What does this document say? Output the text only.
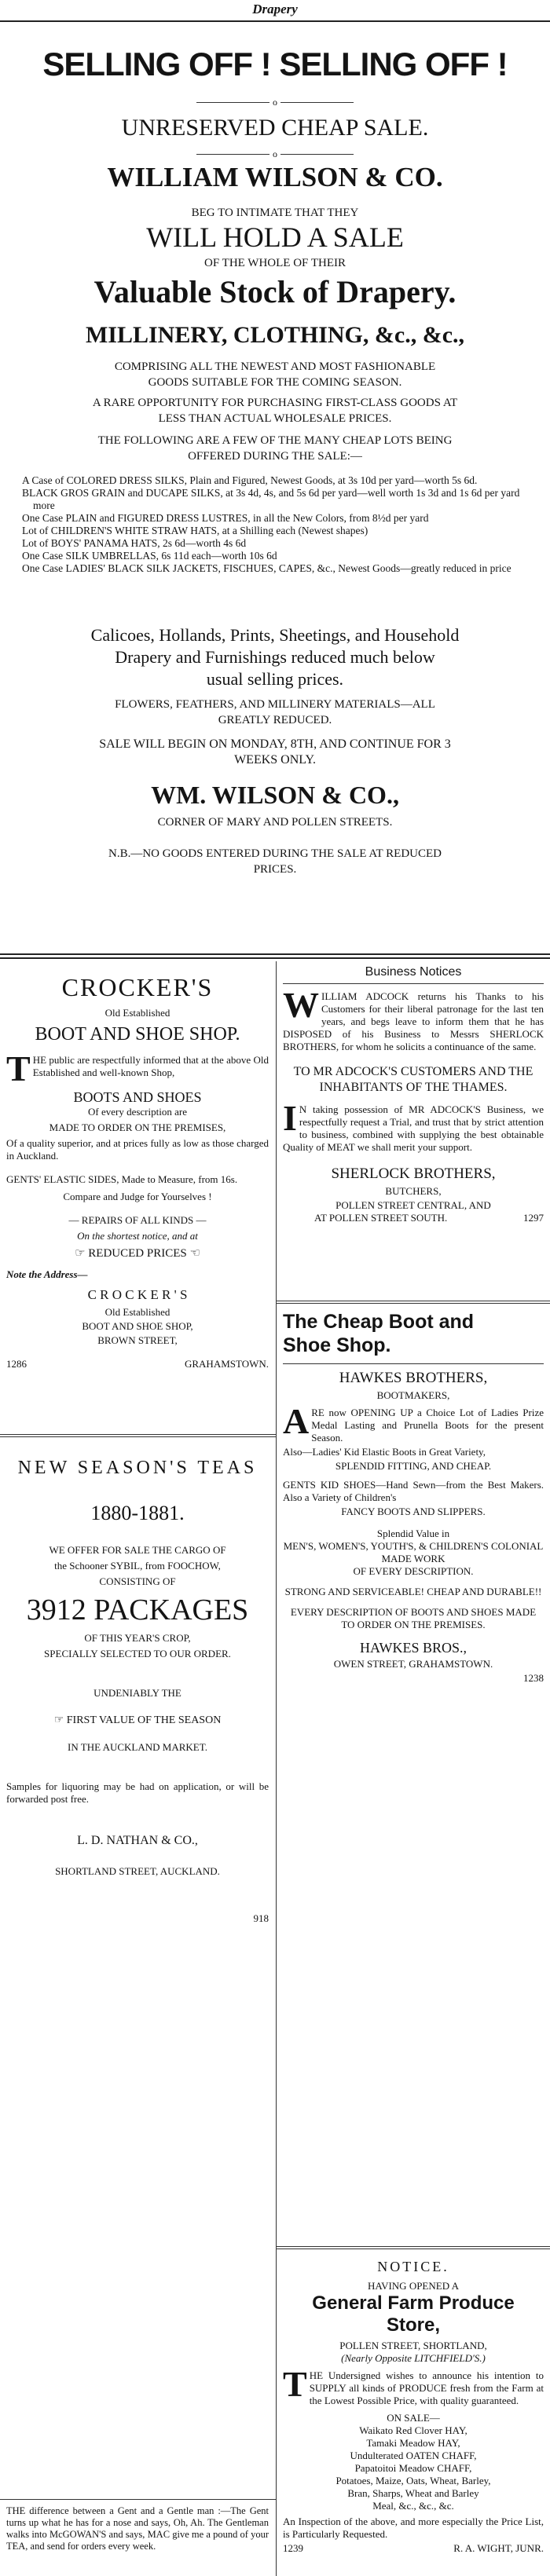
Drapery
SELLING OFF ! SELLING OFF !
o
UNRESERVED CHEAP SALE.
o
WILLIAM WILSON & CO.
BEG TO INTIMATE THAT THEY
WILL HOLD A SALE
OF THE WHOLE OF THEIR
Valuable Stock of Drapery.
MILLINERY, CLOTHING, &c., &c.,
COMPRISING ALL THE NEWEST AND MOST FASHIONABLE
GOODS SUITABLE FOR THE COMING SEASON.
A RARE OPPORTUNITY FOR PURCHASING FIRST-CLASS GOODS AT
LESS THAN ACTUAL WHOLESALE PRICES.
THE FOLLOWING ARE A FEW OF THE MANY CHEAP LOTS BEING
OFFERED DURING THE SALE:—
A Case of COLORED DRESS SILKS, Plain and Figured, Newest Goods, at 3s 10d per yard—worth 5s 6d.
BLACK GROS GRAIN and DUCAPE SILKS, at 3s 4d, 4s, and 5s 6d per yard—well worth 1s 3d and 1s 6d per yard more
One Case PLAIN and FIGURED DRESS LUSTRES, in all the New Colors, from 8½d per yard
Lot of CHILDREN'S WHITE STRAW HATS, at a Shilling each (Newest shapes)
Lot of BOYS' PANAMA HATS, 2s 6d—worth 4s 6d
One Case SILK UMBRELLAS, 6s 11d each—worth 10s 6d
One Case LADIES' BLACK SILK JACKETS, FISCHUES, CAPES, &c., Newest Goods—greatly reduced in price
Calicoes, Hollands, Prints, Sheetings, and Household
Drapery and Furnishings reduced much below
usual selling prices.
FLOWERS, FEATHERS, AND MILLINERY MATERIALS—ALL
GREATLY REDUCED.
SALE WILL BEGIN ON MONDAY, 8TH, AND CONTINUE FOR 3
WEEKS ONLY.
WM. WILSON & CO.,
CORNER OF MARY AND POLLEN STREETS.
N.B.—NO GOODS ENTERED DURING THE SALE AT REDUCED
PRICES.
CROCKER'S
Old Established
BOOT AND SHOE SHOP.
THE public are respectfully informed that at the above Old Established and well-known Shop,
BOOTS AND SHOES
Of every description are
MADE TO ORDER ON THE PREMISES,
Of a quality superior, and at prices fully as low as those charged in Auckland.
GENTS' ELASTIC SIDES, Made to Measure, from 16s.
Compare and Judge for Yourselves !
— REPAIRS OF ALL KINDS —
On the shortest notice, and at
☞ REDUCED PRICES ☜
Note the Address—
C R O C K E R ' S
Old Established
BOOT AND SHOE SHOP,
BROWN STREET,
1286	GRAHAMSTOWN.
NEW SEASON'S TEAS
1880-1881.
WE OFFER FOR SALE THE CARGO OF
the Schooner SYBIL, from FOOCHOW,
CONSISTING OF
3912 PACKAGES
OF THIS YEAR'S CROP,
SPECIALLY SELECTED TO OUR ORDER.
UNDENIABLY THE
☞ FIRST VALUE OF THE SEASON
IN THE AUCKLAND MARKET.
Samples for liquoring may be had on application, or will be forwarded post free.
L. D. NATHAN & CO.,
SHORTLAND STREET, AUCKLAND.
918
THE difference between a Gent and a Gentle man :—The Gent turns up what he has for a nose and says, Oh, Ah. The Gentleman walks into McGOWAN'S and says, MAC give me a pound of your TEA, and send for orders every week.
Business Notices
WILLIAM ADCOCK returns his Thanks to his Customers for their liberal patronage for the last ten years, and begs leave to inform them that he has DISPOSED of his Business to Messrs SHERLOCK BROTHERS, for whom he solicits a continuance of the same.
TO MR ADCOCK'S CUSTOMERS AND THE INHABITANTS OF THE THAMES.
I N taking possession of MR ADCOCK'S Business, we respectfully request a Trial, and trust that by strict attention to business, combined with supplying the best obtainable Quality of MEAT we shall merit your support.
SHERLOCK BROTHERS,
BUTCHERS,
POLLEN STREET CENTRAL, AND
AT POLLEN STREET SOUTH.	1297
The Cheap Boot and
Shoe Shop.
HAWKES BROTHERS,
BOOTMAKERS,
ARE now OPENING UP a Choice Lot of Ladies Prize Medal Lasting and Prunella Boots for the present Season.
Also—Ladies' Kid Elastic Boots in Great Variety,
SPLENDID FITTING, AND CHEAP.
GENTS KID SHOES—Hand Sewn—from the Best Makers. Also a Variety of Children's
FANCY BOOTS AND SLIPPERS.
Splendid Value in
MEN'S, WOMEN'S, YOUTH'S, & CHILDREN'S COLONIAL MADE WORK
OF EVERY DESCRIPTION.
STRONG AND SERVICEABLE! CHEAP AND DURABLE!!
EVERY DESCRIPTION OF BOOTS AND SHOES MADE TO ORDER ON THE PREMISES.
HAWKES BROS.,
OWEN STREET, GRAHAMSTOWN.
1238
NOTICE.
HAVING OPENED A
General Farm Produce
Store,
POLLEN STREET, SHORTLAND,
(Nearly Opposite LITCHFIELD'S.)
THE Undersigned wishes to announce his intention to SUPPLY all kinds of PRODUCE fresh from the Farm at the Lowest Possible Price, with quality guaranteed.
ON SALE—
Waikato Red Clover HAY,
Tamaki Meadow HAY,
Undulterated OATEN CHAFF,
Papatoitoi Meadow CHAFF,
Potatoes, Maize, Oats, Wheat, Barley,
Bran, Sharps, Wheat and Barley
Meal, &c., &c., &c.
An Inspection of the above, and more especially the Price List, is Particularly Requested.
1239	R. A. WIGHT, JUNR.
